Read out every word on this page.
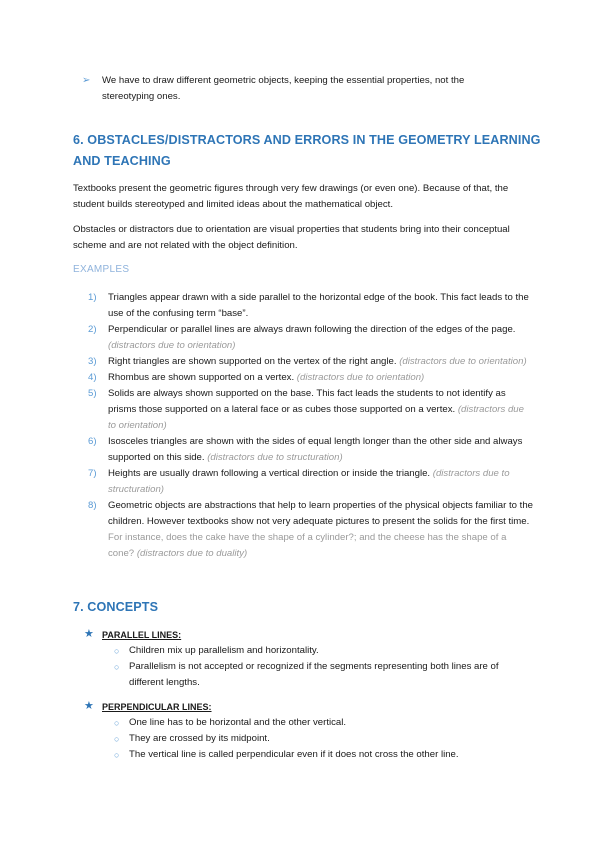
➢ We have to draw different geometric objects, keeping the essential properties, not the stereotyping ones.
6. OBSTACLES/DISTRACTORS AND ERRORS IN THE GEOMETRY LEARNING AND TEACHING

Textbooks present the geometric figures through very few drawings (or even one). Because of that, the student builds stereotyped and limited ideas about the mathematical object.

Obstacles or distractors due to orientation are visual properties that students bring into their conceptual scheme and are not related with the object definition.

EXAMPLES

1) Triangles appear drawn with a side parallel to the horizontal edge of the book. This fact leads to the use of the confusing term “base”.
2) Perpendicular or parallel lines are always drawn following the direction of the edges of the page. (distractors due to orientation)
3) Right triangles are shown supported on the vertex of the right angle. (distractors due to orientation)
4) Rhombus are shown supported on a vertex. (distractors due to orientation)
5) Solids are always shown supported on the base. This fact leads the students to not identify as prisms those supported on a lateral face or as cubes those supported on a vertex. (distractors due to orientation)
6) Isosceles triangles are shown with the sides of equal length longer than the other side and always supported on this side. (distractors due to structuration)
7) Heights are usually drawn following a vertical direction or inside the triangle. (distractors due to structuration)
8) Geometric objects are abstractions that help to learn properties of the physical objects familiar to the children. However textbooks show not very adequate pictures to present the solids for the first time. For instance, does the cake have the shape of a cylinder?; and the cheese has the shape of a cone? (distractors due to duality)
7. CONCEPTS
★ PARALLEL LINES:
○ Children mix up parallelism and horizontality.
○ Parallelism is not accepted or recognized if the segments representing both lines are of different lengths.
★ PERPENDICULAR LINES:
○ One line has to be horizontal and the other vertical.
○ They are crossed by its midpoint.
○ The vertical line is called perpendicular even if it does not cross the other line.
